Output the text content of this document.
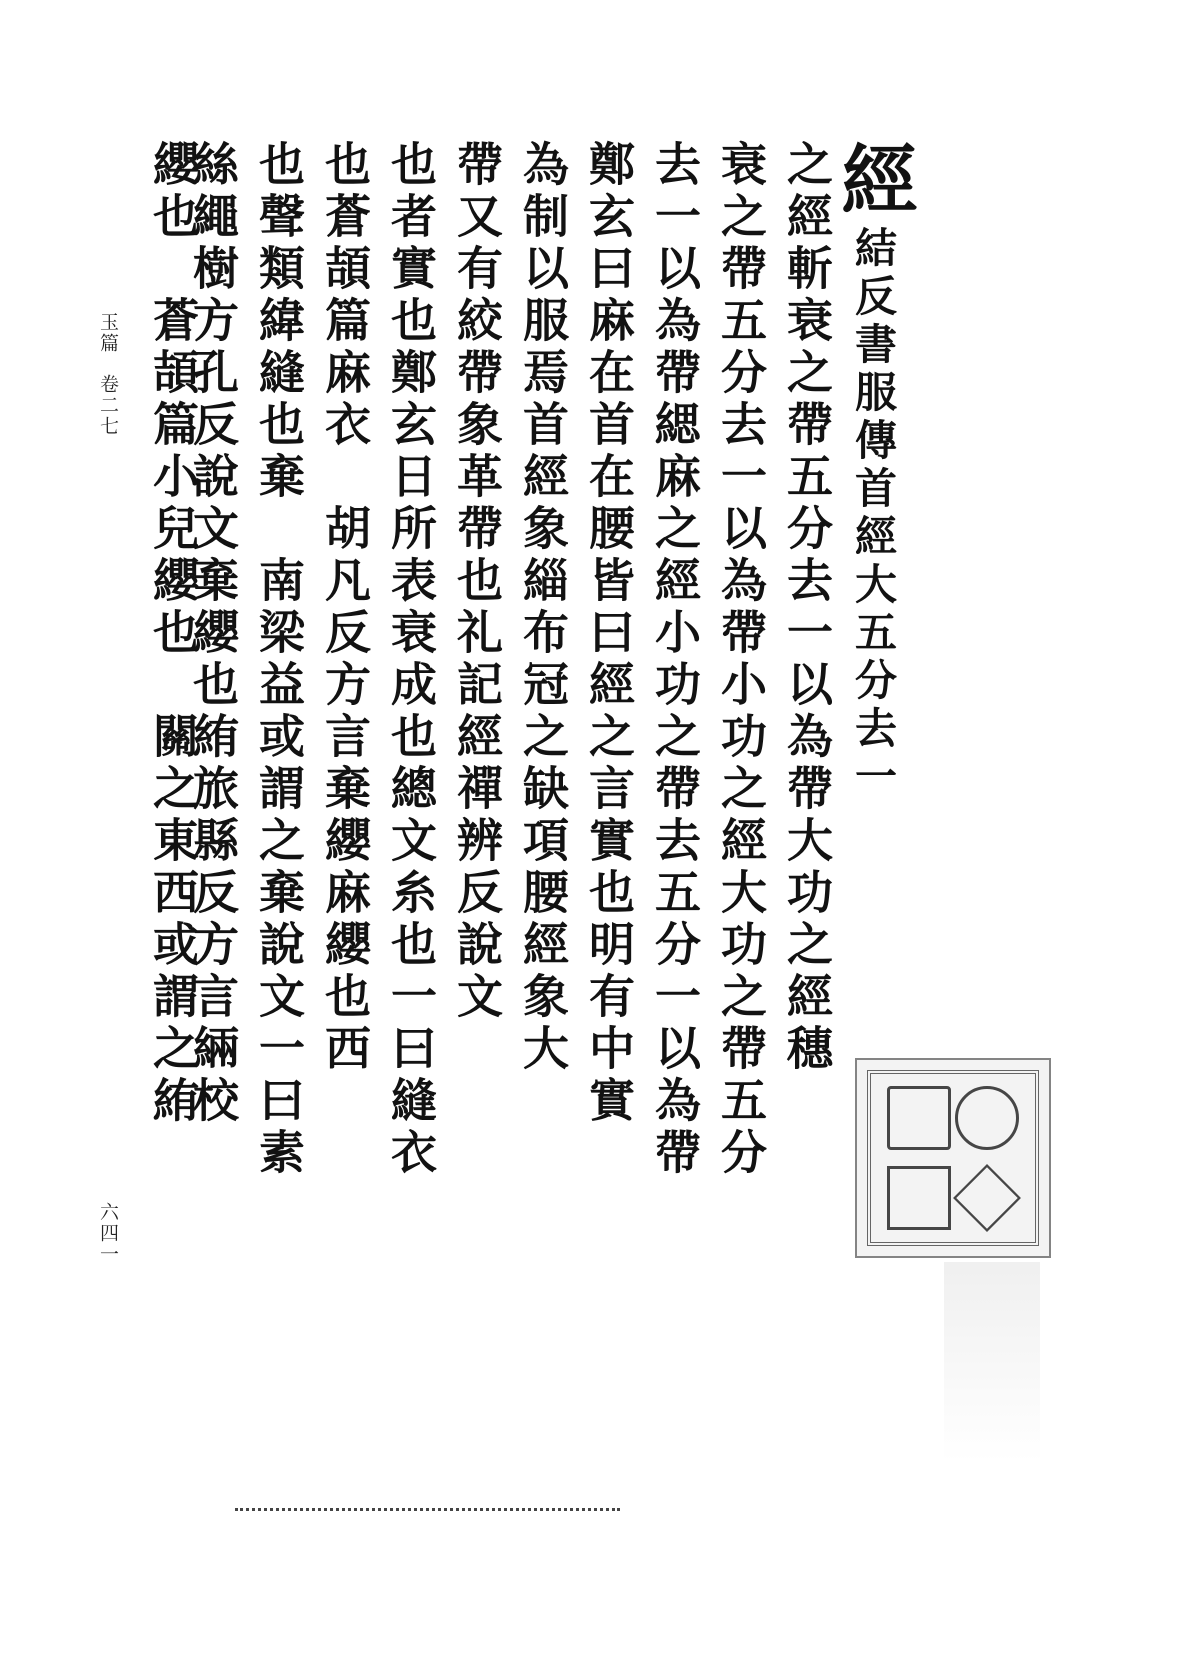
玉篇卷二七
六四一
經結反書服傳首經大五分去一
之經斬衰之帶五分去一以為帶大功之經穗
衰之帶五分去一以為帶小功之經大功之帶五分
去一以為帶緦麻之經小功之帶去五分一以為帶
鄭玄曰麻在首在腰皆曰經之言實也明有中實
為制以服焉首經象緇布冠之缺項腰經象大
帶又有絞帶象革帶也礼記經禪辨反說文
也者實也鄭玄日所表衰成也總文糸也一曰縫衣
也蒼頡篇麻衣　胡凡反方言棄纓麻纓也西
也聲類緯縫也棄　南梁益或謂之棄說文一曰素
絲繩樹方孔反說文棄纓也絠旅縣反方言緉校
纓也　蒼頡篇小兒纓也　關之東西或謂之絠
